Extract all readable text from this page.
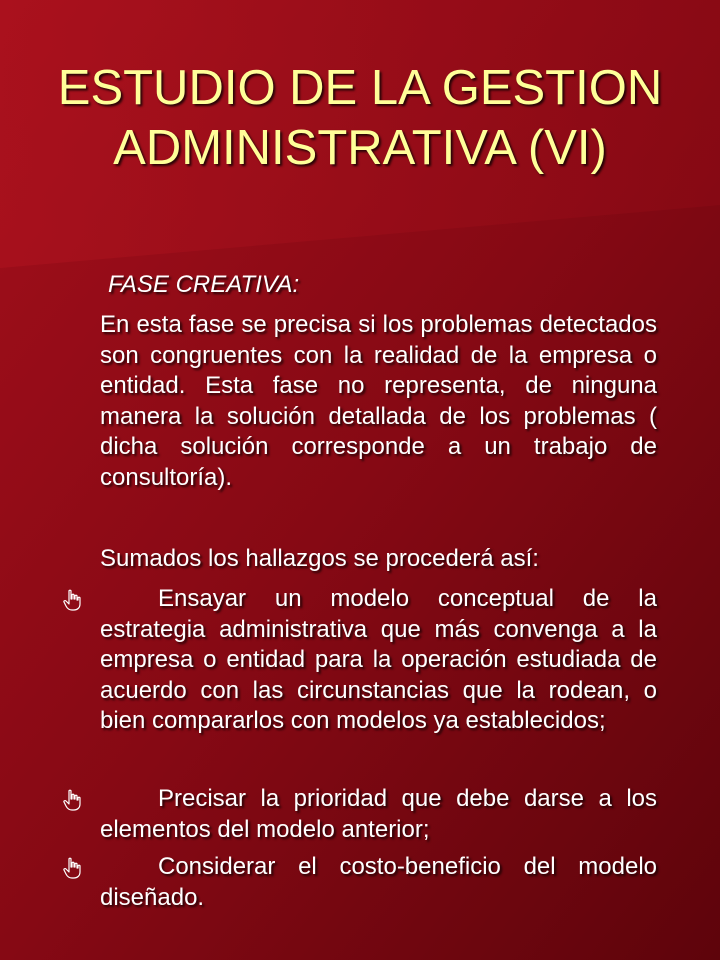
ESTUDIO DE LA GESTION
ADMINISTRATIVA (VI)
FASE CREATIVA:
En esta fase se precisa si los problemas detectados son congruentes con la realidad de la empresa o entidad. Esta fase no representa, de ninguna manera la solución detallada de los problemas ( dicha solución corresponde a un trabajo de consultoría).
Sumados los hallazgos se procederá así:
Ensayar un modelo conceptual de la estrategia administrativa que más convenga a la empresa o entidad para la operación estudiada de acuerdo con las circunstancias que la rodean, o bien compararlos con modelos ya establecidos;
Precisar la prioridad que debe darse a los elementos del modelo anterior;
Considerar el costo-beneficio del modelo diseñado.
